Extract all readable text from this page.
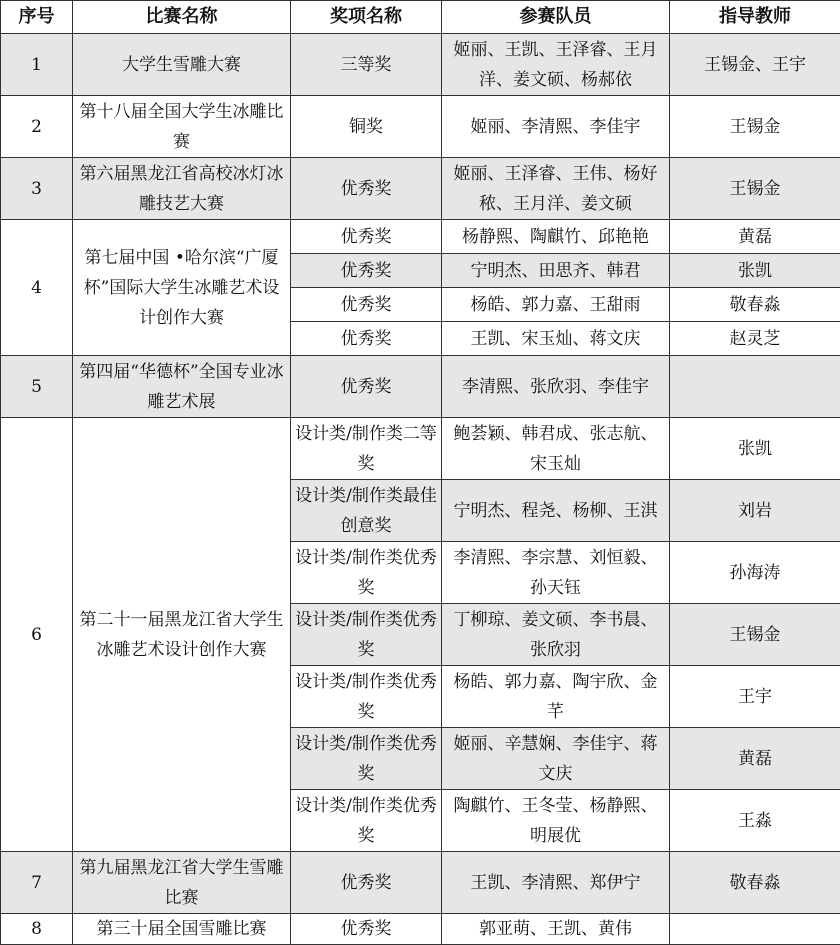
序号	比赛名称	奖项名称	参赛队员	指导教师
1	大学生雪雕大赛	三等奖	姬丽、王凯、王泽睿、王月洋、姜文硕、杨郝依	王锡金、王宇
2	第十八届全国大学生冰雕比赛	铜奖	姬丽、李清熙、李佳宇	王锡金
3	第六届黑龙江省高校冰灯冰雕技艺大赛	优秀奖	姬丽、王泽睿、王伟、杨好秾、王月洋、姜文硕	王锡金
4	第七届中国 •哈尔滨“广厦杯”国际大学生冰雕艺术设计创作大赛	优秀奖	杨静熙、陶麒竹、邱艳艳	黄磊
		优秀奖	宁明杰、田思齐、韩君	张凯
		优秀奖	杨皓、郭力嘉、王甜雨	敬春淼
		优秀奖	王凯、宋玉灿、蒋文庆	赵灵芝
5	第四届“华德杯”全国专业冰雕艺术展	优秀奖	李清熙、张欣羽、李佳宇	
6	第二十一届黑龙江省大学生冰雕艺术设计创作大赛	设计类/制作类二等奖	鲍荟颖、韩君成、张志航、宋玉灿	张凯
		设计类/制作类最佳创意奖	宁明杰、程尧、杨柳、王淇	刘岩
		设计类/制作类优秀奖	李清熙、李宗慧、刘恒毅、孙天钰	孙海涛
		设计类/制作类优秀奖	丁柳琼、姜文硕、李书晨、张欣羽	王锡金
		设计类/制作类优秀奖	杨皓、郭力嘉、陶宇欣、金芊	王宇
		设计类/制作类优秀奖	姬丽、辛慧娴、李佳宇、蒋文庆	黄磊
		设计类/制作类优秀奖	陶麒竹、王冬莹、杨静熙、明展优	王淼
7	第九届黑龙江省大学生雪雕比赛	优秀奖	王凯、李清熙、郑伊宁	敬春淼
8	第三十届全国雪雕比赛	优秀奖	郭亚萌、王凯、黄伟	
